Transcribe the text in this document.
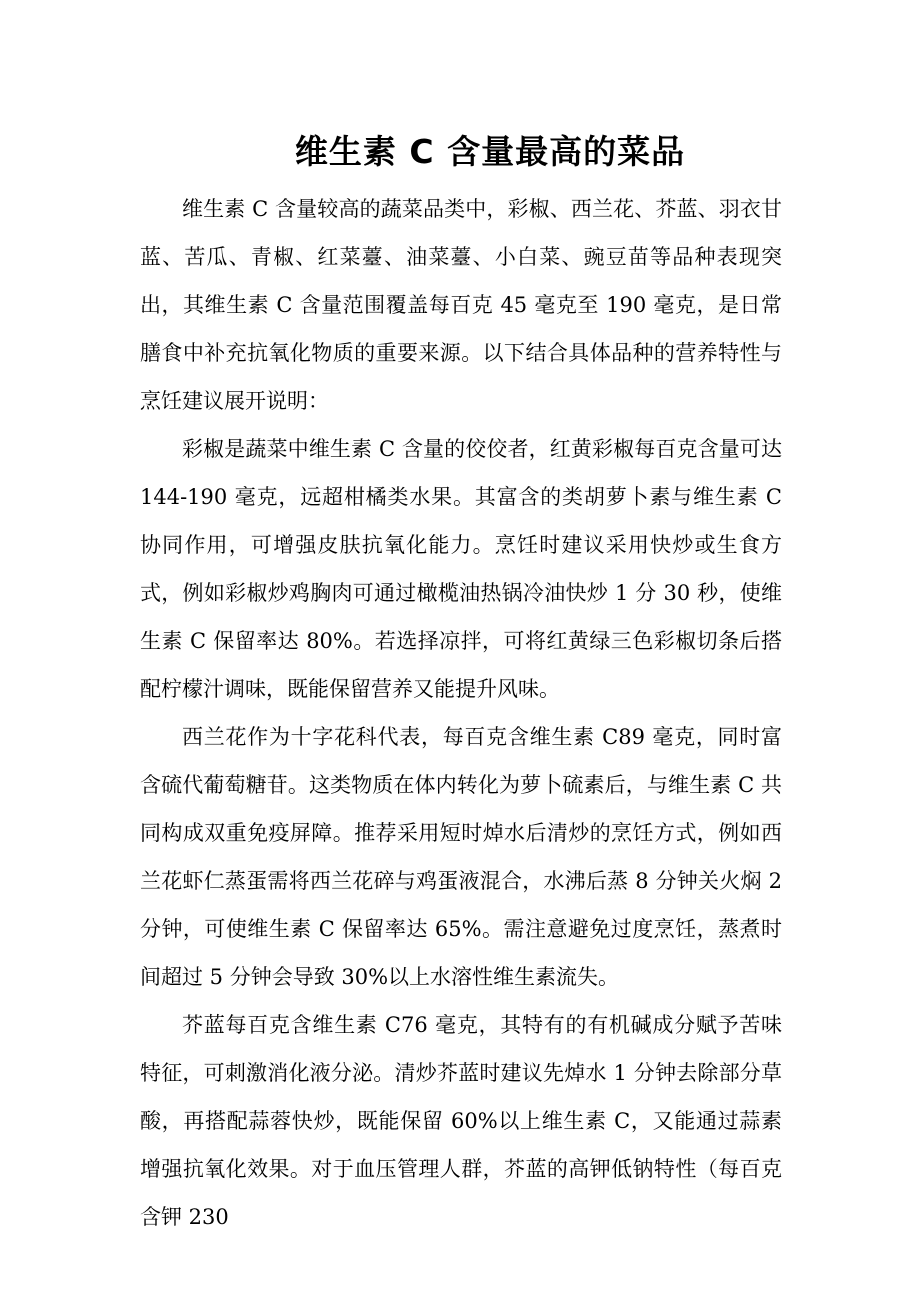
维生素 C 含量最高的菜品

维生素 C 含量较高的蔬菜品类中，彩椒、西兰花、芥蓝、羽衣甘蓝、苦瓜、青椒、红菜薹、油菜薹、小白菜、豌豆苗等品种表现突出，其维生素 C 含量范围覆盖每百克 45 毫克至 190 毫克，是日常膳食中补充抗氧化物质的重要来源。以下结合具体品种的营养特性与烹饪建议展开说明：

彩椒是蔬菜中维生素 C 含量的佼佼者，红黄彩椒每百克含量可达 144-190 毫克，远超柑橘类水果。其富含的类胡萝卜素与维生素 C 协同作用，可增强皮肤抗氧化能力。烹饪时建议采用快炒或生食方式，例如彩椒炒鸡胸肉可通过橄榄油热锅冷油快炒 1 分 30 秒，使维生素 C 保留率达 80%。若选择凉拌，可将红黄绿三色彩椒切条后搭配柠檬汁调味，既能保留营养又能提升风味。

西兰花作为十字花科代表，每百克含维生素 C89 毫克，同时富含硫代葡萄糖苷。这类物质在体内转化为萝卜硫素后，与维生素 C 共同构成双重免疫屏障。推荐采用短时焯水后清炒的烹饪方式，例如西兰花虾仁蒸蛋需将西兰花碎与鸡蛋液混合，水沸后蒸 8 分钟关火焖 2 分钟，可使维生素 C 保留率达 65%。需注意避免过度烹饪，蒸煮时间超过 5 分钟会导致 30%以上水溶性维生素流失。

芥蓝每百克含维生素 C76 毫克，其特有的有机碱成分赋予苦味特征，可刺激消化液分泌。清炒芥蓝时建议先焯水 1 分钟去除部分草酸，再搭配蒜蓉快炒，既能保留 60%以上维生素 C，又能通过蒜素增强抗氧化效果。对于血压管理人群，芥蓝的高钾低钠特性（每百克含钾 230
